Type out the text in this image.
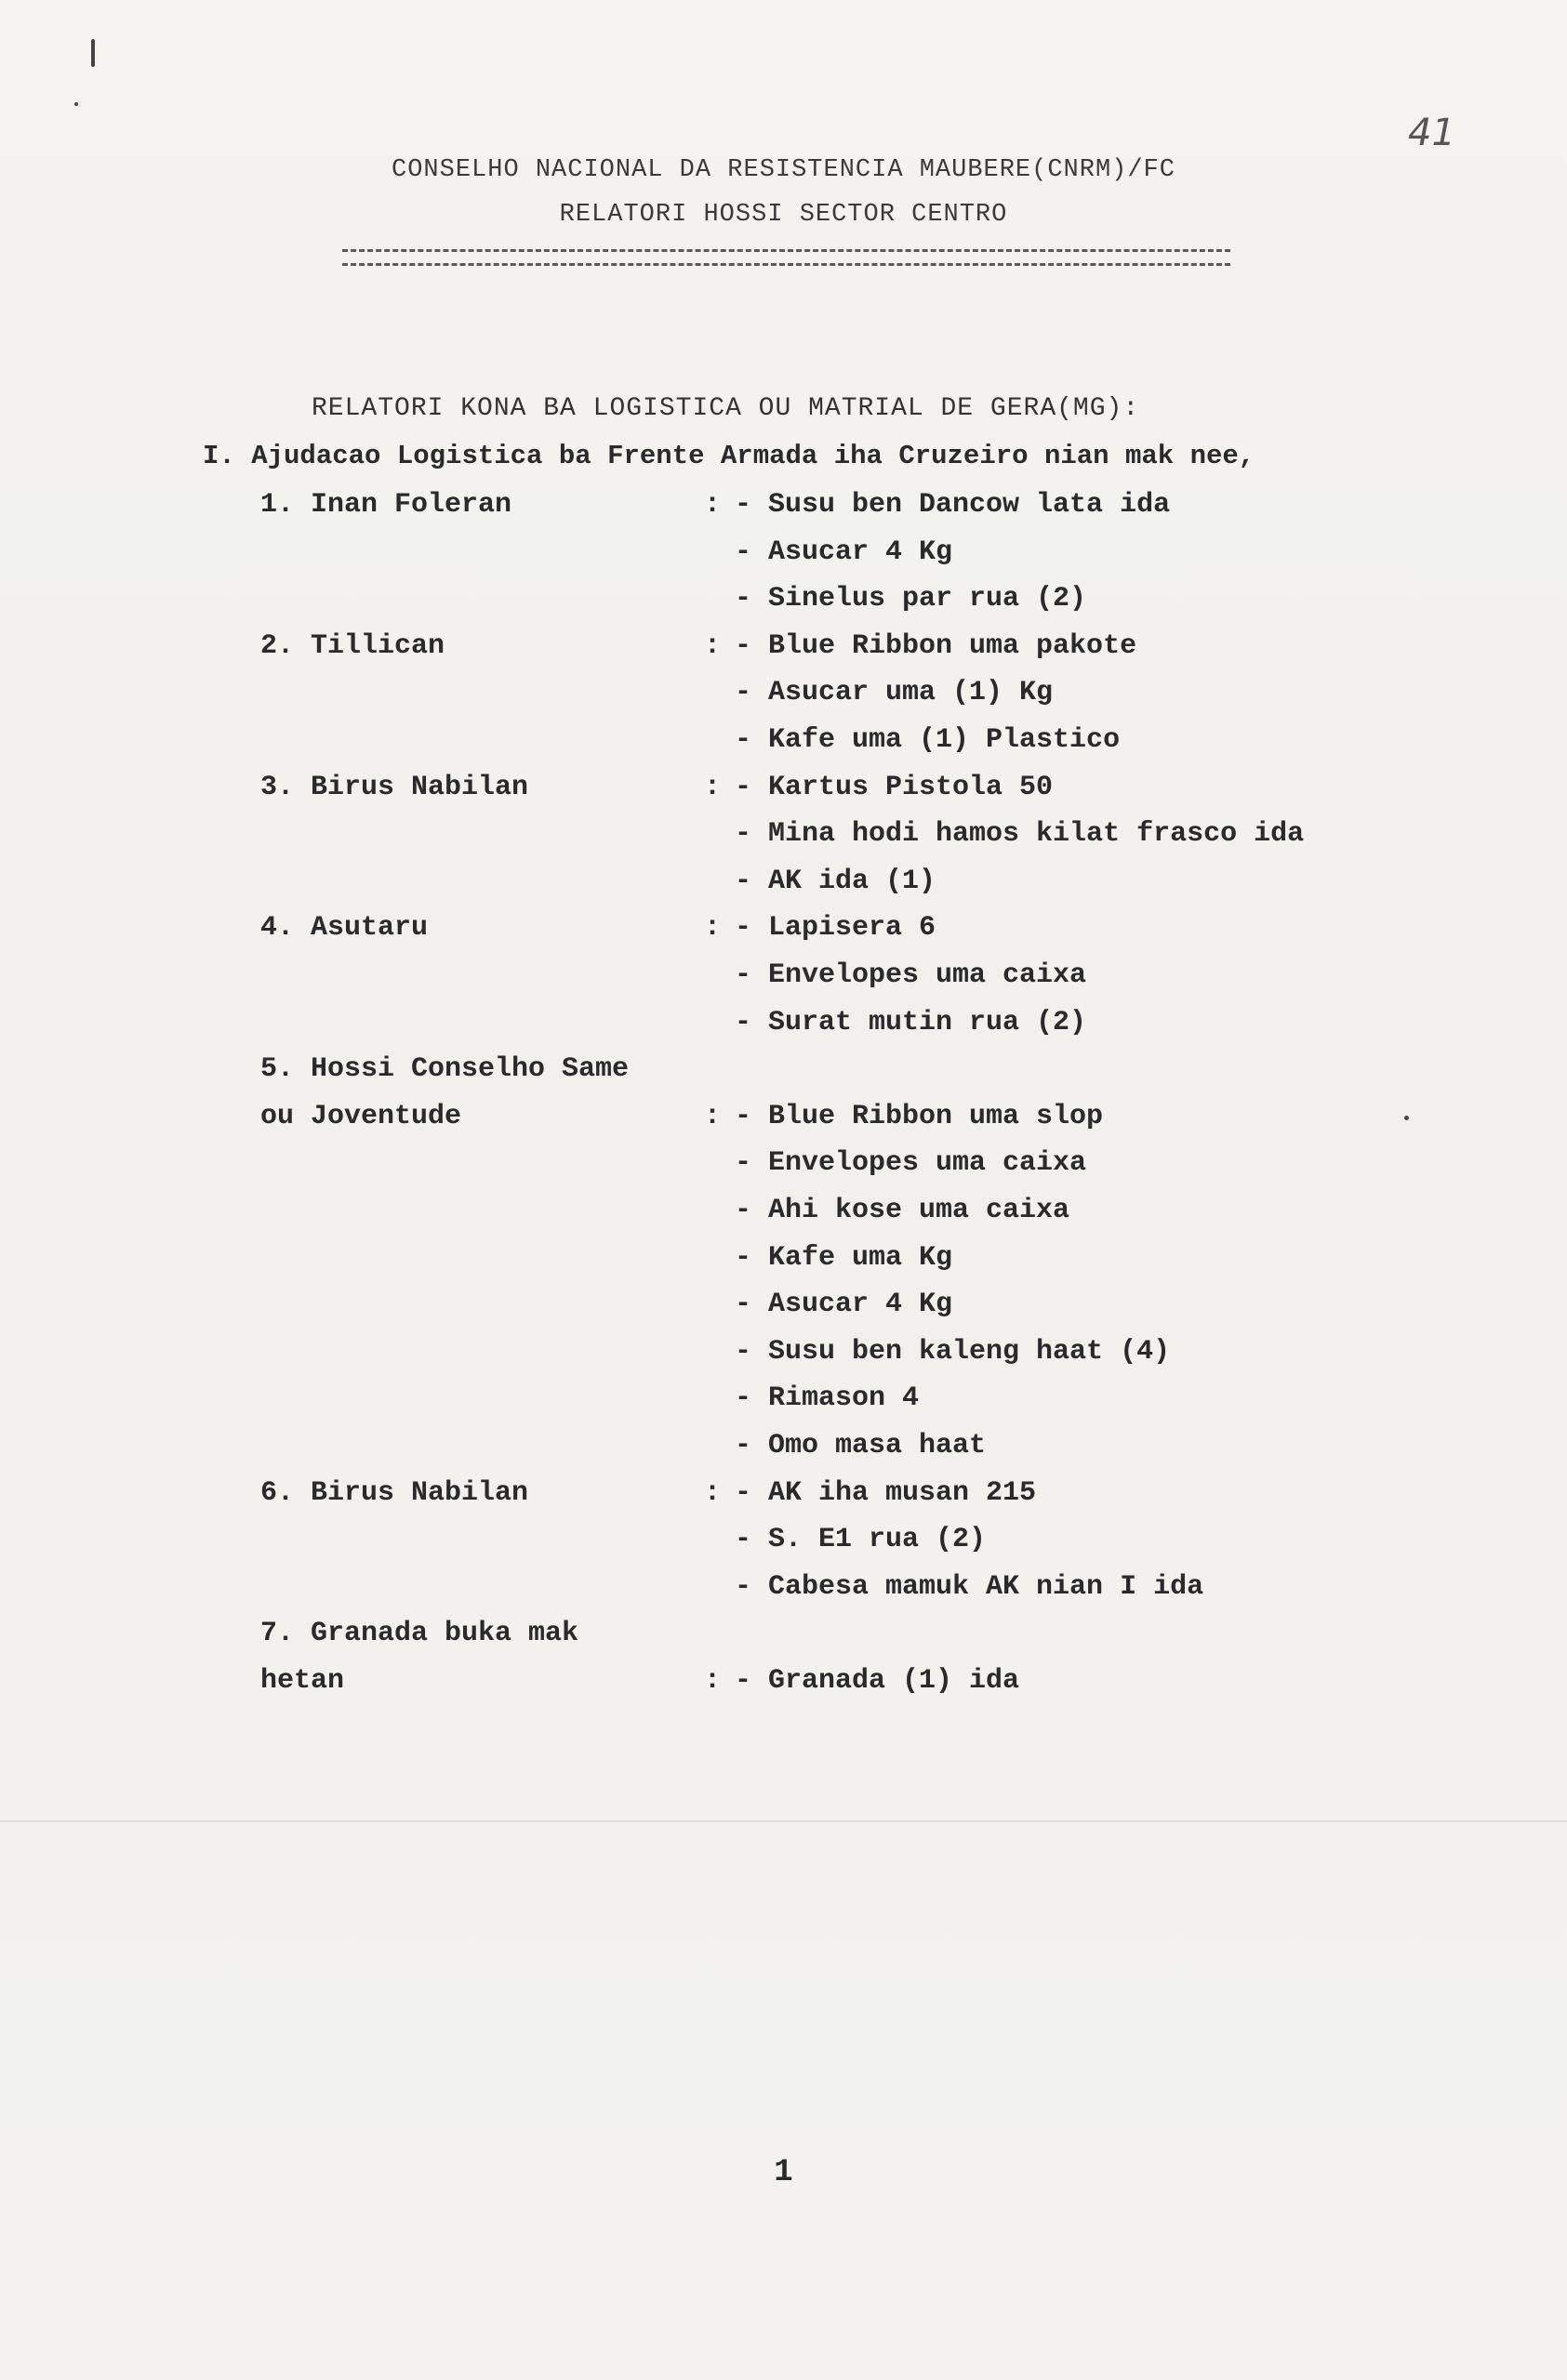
41
CONSELHO NACIONAL DA RESISTENCIA MAUBERE(CNRM)/FC
RELATORI HOSSI SECTOR CENTRO
RELATORI KONA BA LOGISTICA OU MATRIAL DE GERA(MG):
I. Ajudacao Logistica ba Frente Armada iha Cruzeiro nian mak nee,
1. Inan Foleran	: - Susu ben Dancow lata ida
- Asucar 4 Kg
- Sinelus par rua (2)
2. Tillican	: - Blue Ribbon uma pakote
- Asucar uma (1) Kg
- Kafe uma (1) Plastico
3. Birus Nabilan	: - Kartus Pistola 50
- Mina hodi hamos kilat frasco ida
- AK ida (1)
4. Asutaru	: - Lapisera 6
- Envelopes uma caixa
- Surat mutin rua (2)
5. Hossi Conselho Same
ou Joventude	: - Blue Ribbon uma slop
- Envelopes uma caixa
- Ahi kose uma caixa
- Kafe uma Kg
- Asucar 4 Kg
- Susu ben kaleng haat (4)
- Rimason 4
- Omo masa haat
6. Birus Nabilan	: - AK iha musan 215
- S. E1 rua (2)
- Cabesa mamuk AK nian I ida
7. Granada buka mak
hetan	: - Granada (1) ida
1
